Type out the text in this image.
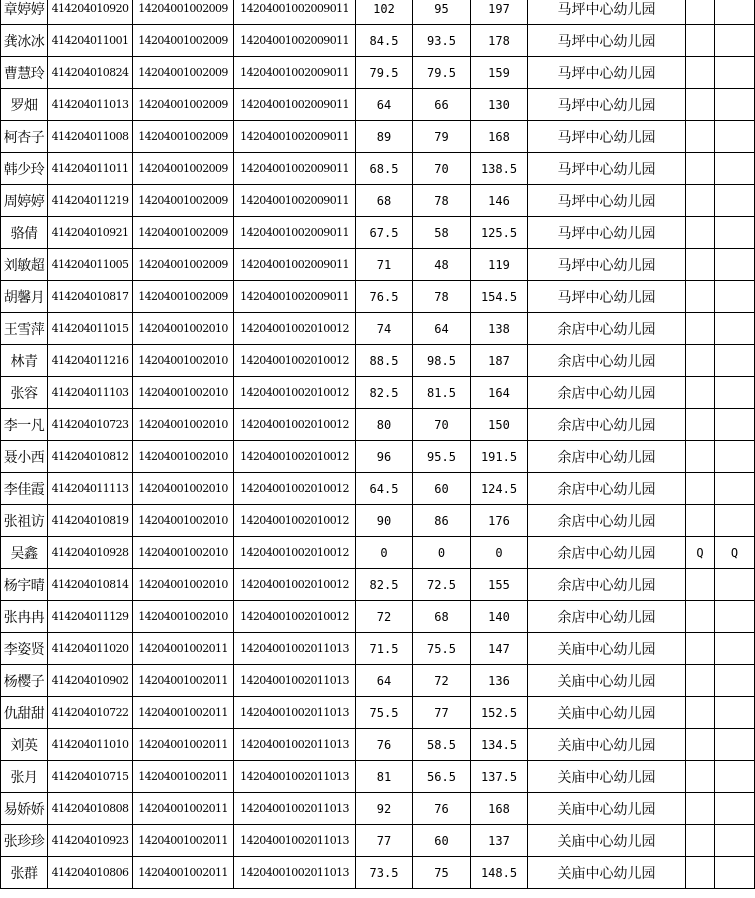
章婷婷	414204010920	14204001002009	14204001002009011	102	95	197	马坪中心幼儿园		
龚冰冰	414204011001	14204001002009	14204001002009011	84.5	93.5	178	马坪中心幼儿园		
曹慧玲	414204010824	14204001002009	14204001002009011	79.5	79.5	159	马坪中心幼儿园		
罗畑	414204011013	14204001002009	14204001002009011	64	66	130	马坪中心幼儿园		
柯杏子	414204011008	14204001002009	14204001002009011	89	79	168	马坪中心幼儿园		
韩少玲	414204011011	14204001002009	14204001002009011	68.5	70	138.5	马坪中心幼儿园		
周婷婷	414204011219	14204001002009	14204001002009011	68	78	146	马坪中心幼儿园		
骆倩	414204010921	14204001002009	14204001002009011	67.5	58	125.5	马坪中心幼儿园		
刘敏超	414204011005	14204001002009	14204001002009011	71	48	119	马坪中心幼儿园		
胡馨月	414204010817	14204001002009	14204001002009011	76.5	78	154.5	马坪中心幼儿园		
王雪萍	414204011015	14204001002010	14204001002010012	74	64	138	余店中心幼儿园		
林青	414204011216	14204001002010	14204001002010012	88.5	98.5	187	余店中心幼儿园		
张容	414204011103	14204001002010	14204001002010012	82.5	81.5	164	余店中心幼儿园		
李一凡	414204010723	14204001002010	14204001002010012	80	70	150	余店中心幼儿园		
聂小西	414204010812	14204001002010	14204001002010012	96	95.5	191.5	余店中心幼儿园		
李佳霞	414204011113	14204001002010	14204001002010012	64.5	60	124.5	余店中心幼儿园		
张祖访	414204010819	14204001002010	14204001002010012	90	86	176	余店中心幼儿园		
吴鑫	414204010928	14204001002010	14204001002010012	0	0	0	余店中心幼儿园	Q	Q
杨宇晴	414204010814	14204001002010	14204001002010012	82.5	72.5	155	余店中心幼儿园		
张冉冉	414204011129	14204001002010	14204001002010012	72	68	140	余店中心幼儿园		
李姿贤	414204011020	14204001002011	14204001002011013	71.5	75.5	147	关庙中心幼儿园		
杨樱子	414204010902	14204001002011	14204001002011013	64	72	136	关庙中心幼儿园		
仇甜甜	414204010722	14204001002011	14204001002011013	75.5	77	152.5	关庙中心幼儿园		
刘英	414204011010	14204001002011	14204001002011013	76	58.5	134.5	关庙中心幼儿园		
张月	414204010715	14204001002011	14204001002011013	81	56.5	137.5	关庙中心幼儿园		
易娇娇	414204010808	14204001002011	14204001002011013	92	76	168	关庙中心幼儿园		
张珍珍	414204010923	14204001002011	14204001002011013	77	60	137	关庙中心幼儿园		
张群	414204010806	14204001002011	14204001002011013	73.5	75	148.5	关庙中心幼儿园		
